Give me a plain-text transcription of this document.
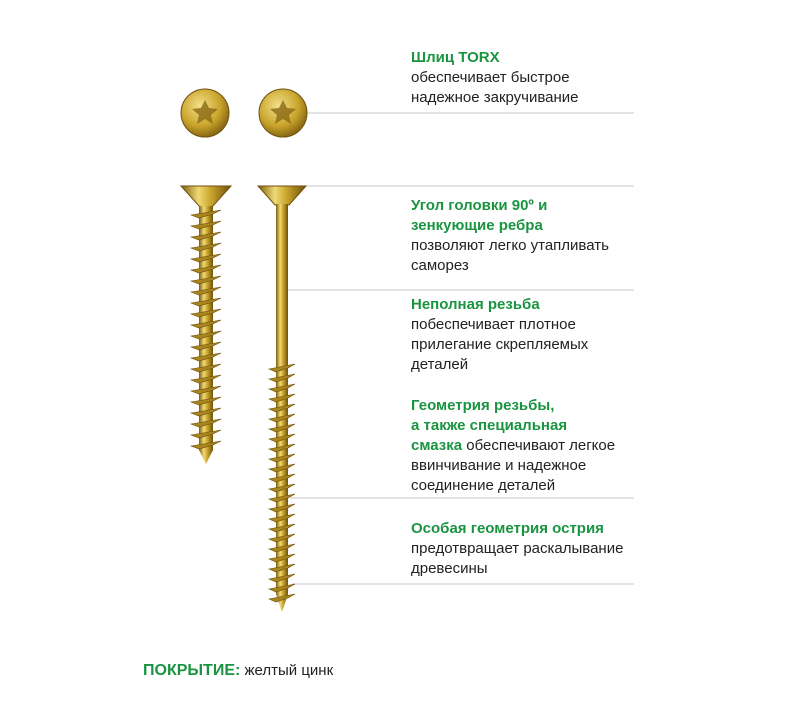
Шлиц TORX
обеспечивает быстрое
надежное закручивание
Угол головки 90º и
зенкующие ребра
позволяют легко утапливать
саморез
Неполная резьба
побеспечивает плотное
прилегание скрепляемых
деталей
Геометрия резьбы,
а также специальная
смазка обеспечивают легкое
ввинчивание и надежное
соединение деталей
Особая геометрия острия
предотвращает раскалывание
древесины
ПОКРЫТИЕ: желтый цинк
